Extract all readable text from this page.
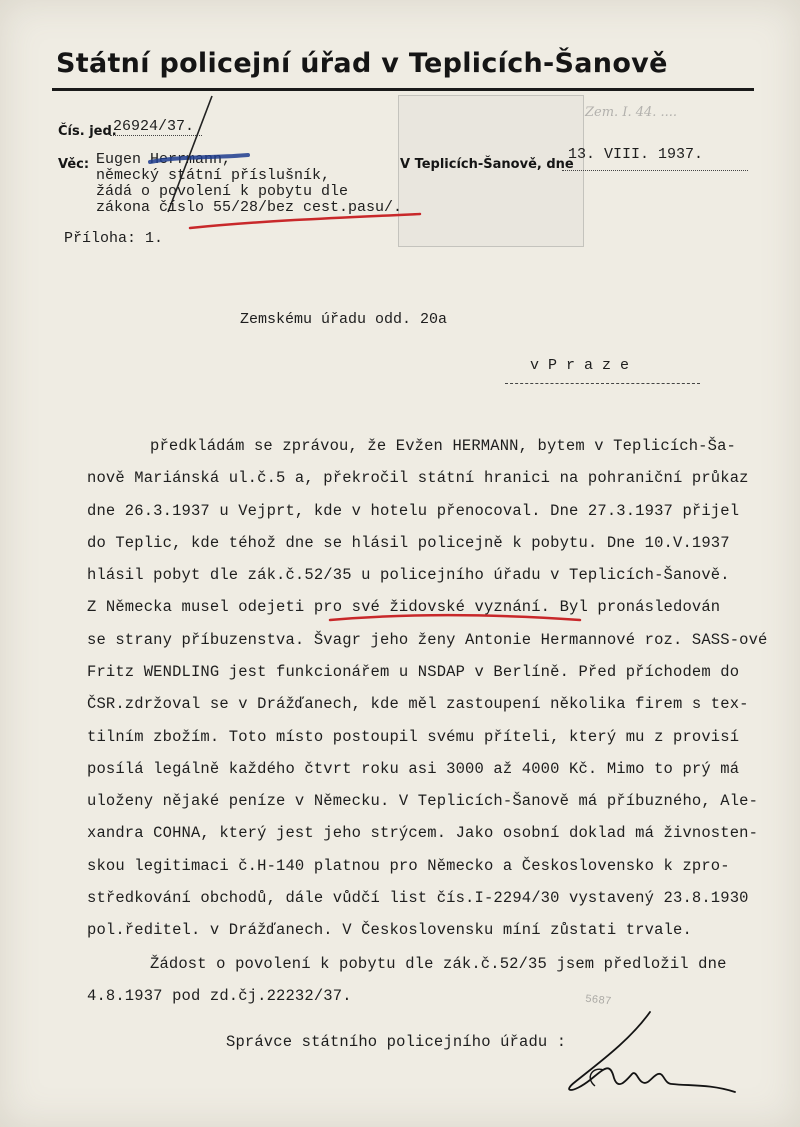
Zem. I. 44. ....
Státní policejní úřad v Teplicích-Šanově
Čís. jed.
26924/37.
Věc: Eugen Herrmann,
německý státní příslušník,
žádá o povolení k pobytu dle
zákona číslo 55/28/bez cest.pasu/.
V Teplicích-Šanově, dne
13. VIII. 1937.
Příloha: 1.
Zemskému úřadu odd. 20a
v P r a z e
předkládám se zprávou, že Evžen HERMANN, bytem v Teplicích-Ša-
nově Mariánská ul.č.5 a, překročil státní hranici na pohraniční průkaz
dne 26.3.1937 u Vejprt, kde v hotelu přenocoval. Dne 27.3.1937 přijel
do Teplic, kde téhož dne se hlásil policejně k pobytu. Dne 10.V.1937
hlásil pobyt dle zák.č.52/35 u policejního úřadu v Teplicích-Šanově.
Z Německa musel odejeti pro své židovské vyznání. Byl pronásledován
se strany příbuzenstva. Švagr jeho ženy Antonie Hermannové roz. SASS-ové
Fritz WENDLING jest funkcionářem u NSDAP v Berlíně. Před příchodem do
ČSR.zdržoval se v Drážďanech, kde měl zastoupení několika firem s tex-
tilním zbožím. Toto místo postoupil svému příteli, který mu z provisí
posílá legálně každého čtvrt roku asi 3000 až 4000 Kč. Mimo to prý má
uloženy nějaké peníze v Německu. V Teplicích-Šanově má příbuzného, Ale-
xandra COHNA, který jest jeho strýcem. Jako osobní doklad má živnosten-
skou legitimaci č.H-140 platnou pro Německo a Československo k zpro-
středkování obchodů, dále vůdčí list čís.I-2294/30 vystavený 23.8.1930
pol.ředitel. v Drážďanech. V Československu míní zůstati trvale.
Žádost o povolení k pobytu dle zák.č.52/35 jsem předložil dne
4.8.1937 pod zd.čj.22232/37.
Správce státního policejního úřadu :
5687
